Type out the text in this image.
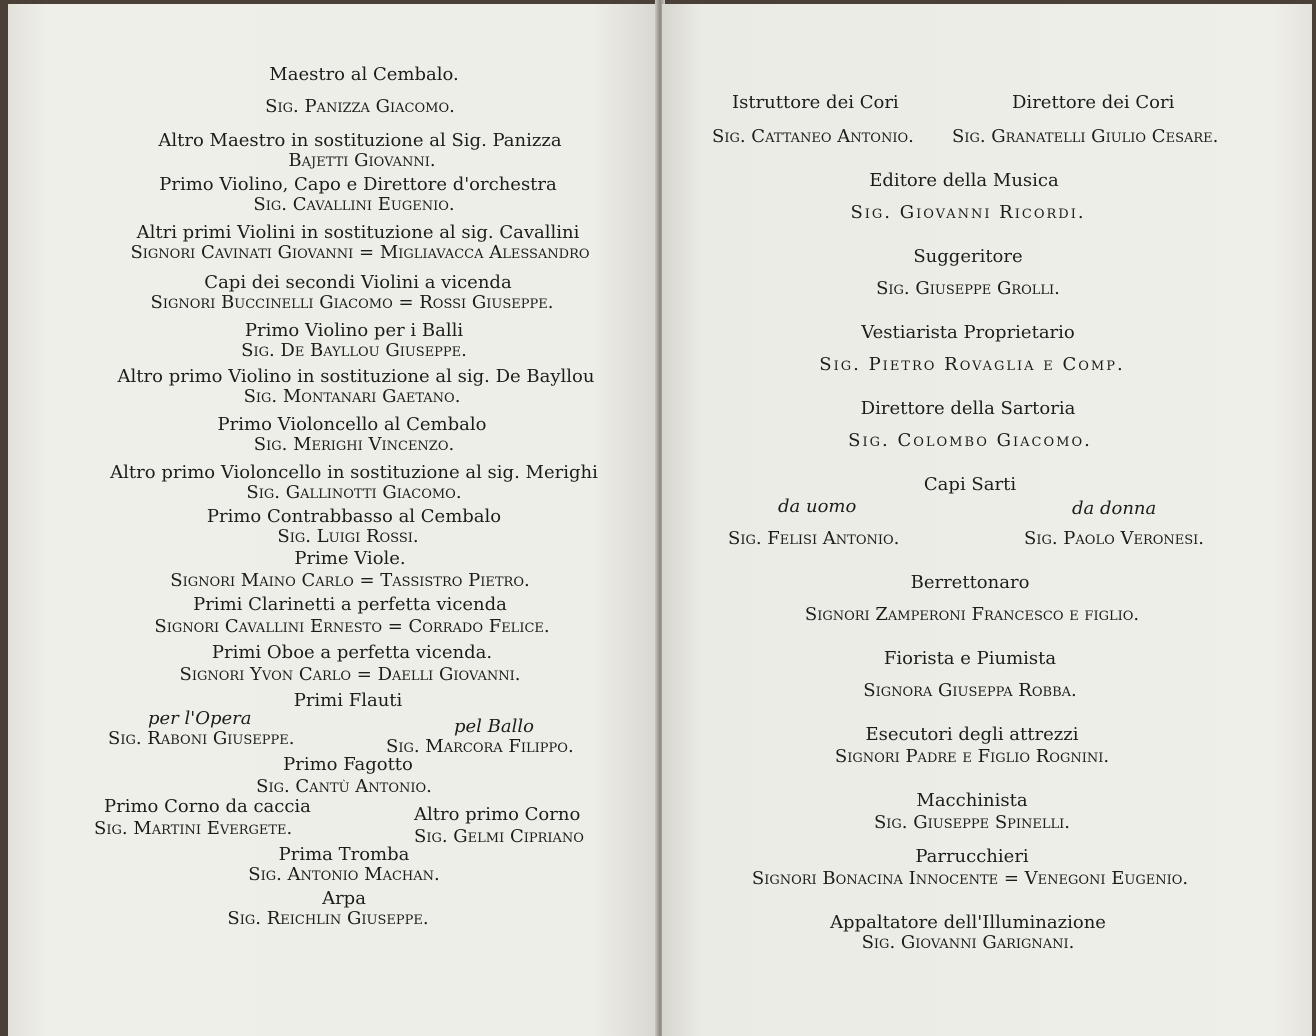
Maestro al Cembalo.
Sig. Panizza Giacomo.
Altro Maestro in sostituzione al Sig. Panizza
Bajetti Giovanni.
Primo Violino, Capo e Direttore d'orchestra
Sig. Cavallini Eugenio.
Altri primi Violini in sostituzione al sig. Cavallini
Signori Cavinati Giovanni = Migliavacca Alessandro
Capi dei secondi Violini a vicenda
Signori Buccinelli Giacomo = Rossi Giuseppe.
Primo Violino per i Balli
Sig. De Bayllou Giuseppe.
Altro primo Violino in sostituzione al sig. De Bayllou
Sig. Montanari Gaetano.
Primo Violoncello al Cembalo
Sig. Merighi Vincenzo.
Altro primo Violoncello in sostituzione al sig. Merighi
Sig. Gallinotti Giacomo.
Primo Contrabbasso al Cembalo
Sig. Luigi Rossi.
Prime Viole.
Signori Maino Carlo = Tassistro Pietro.
Primi Clarinetti a perfetta vicenda
Signori Cavallini Ernesto = Corrado Felice.
Primi Oboe a perfetta vicenda.
Signori Yvon Carlo = Daelli Giovanni.
Primi Flauti
per l'Opera	pel Ballo
Sig. Raboni Giuseppe.	Sig. Marcora Filippo.
Primo Fagotto
Sig. Cantù Antonio.
Primo Corno da caccia	Altro primo Corno
Sig. Martini Evergete.	Sig. Gelmi Cipriano
Prima Tromba
Sig. Antonio Machan.
Arpa
Sig. Reichlin Giuseppe.
Istruttore dei Cori	Direttore dei Cori
Sig. Cattaneo Antonio. Sig. Granatelli Giulio Cesare.
Editore della Musica
Sig. Giovanni Ricordi.
Suggeritore
Sig. Giuseppe Grolli.
Vestiarista Proprietario
Sig. Pietro Rovaglia e Comp.
Direttore della Sartoria
Sig. Colombo Giacomo.
Capi Sarti
da uomo	da donna
Sig. Felisi Antonio.	Sig. Paolo Veronesi.
Berrettonaro
Signori Zamperoni Francesco e figlio.
Fiorista e Piumista
Signora Giuseppa Robba.
Esecutori degli attrezzi
Signori Padre e Figlio Rognini.
Macchinista
Sig. Giuseppe Spinelli.
Parrucchieri
Signori Bonacina Innocente = Venegoni Eugenio.
Appaltatore dell'Illuminazione
Sig. Giovanni Garignani.
